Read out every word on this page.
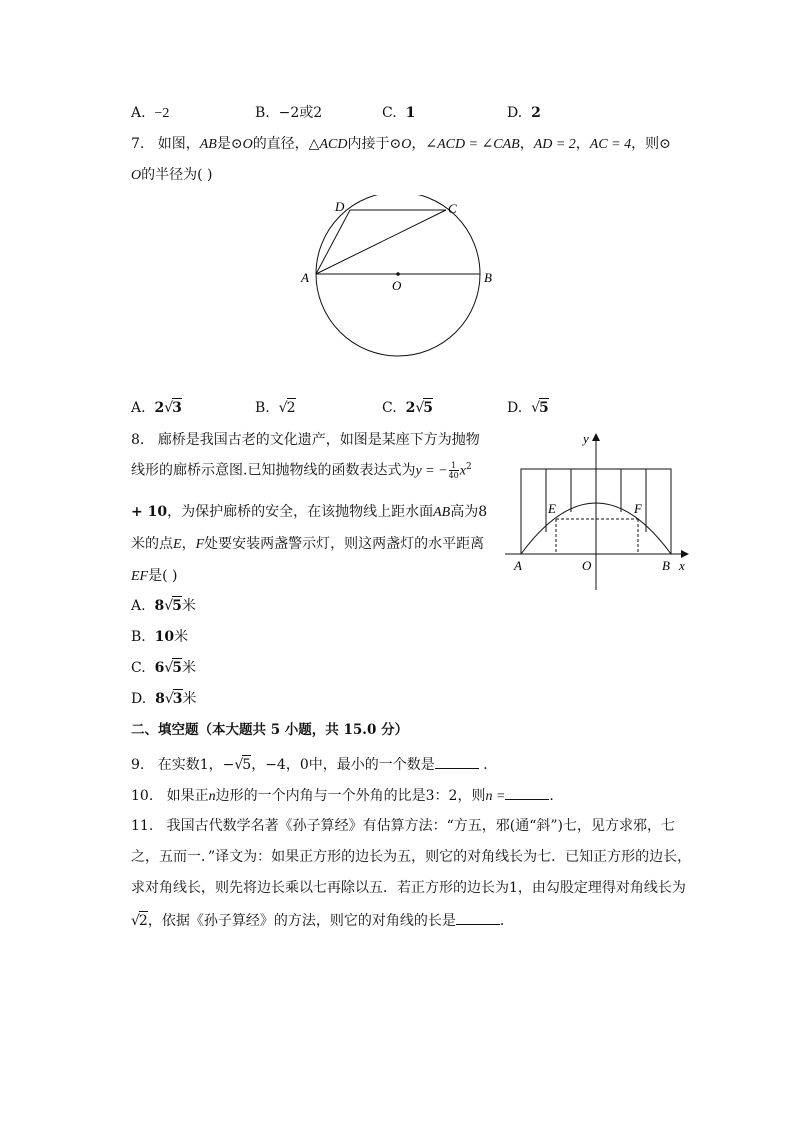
A. −2	B. −2或2	C. 1	D. 2
7. 如图，AB是⊙O的直径，△ACD内接于⊙O，∠ACD = ∠CAB，AD = 2，AC = 4，则⊙
O的半径为( )
A	B
C
D
O
A. 2√3	B. √2	C. 2√5	D. √5
8. 廊桥是我国古老的文化遗产，如图是某座下方为抛物
线形的廊桥示意图.已知抛物线的函数表达式为y = − $\frac{1}{40} x^2$
+ 10，为保护廊桥的安全，在该抛物线上距水面AB高为8
米的点E，F处要安装两盏警示灯，则这两盏灯的水平距离
EF是( )
A. 8√5米
B. 10米
C. 6√5米
D. 8√3米
y
x
A	O	B
E	F
二、填空题（本大题共 5 小题，共 15.0 分）
9. 在实数1，−√5，−4，0中，最小的一个数是	．
10. 如果正n边形的一个内角与一个外角的比是3：2，则n =	.
11. 我国古代数学名著《孙子算经》有估算方法：“方五，邪(通“斜”)七，见方求邪，七
之，五而一．”译文为：如果正方形的边长为五，则它的对角线长为七．已知正方形的边长，
求对角线长，则先将边长乘以七再除以五．若正方形的边长为1，由勾股定理得对角线长为
√2，依据《孙子算经》的方法，则它的对角线的长是	.
